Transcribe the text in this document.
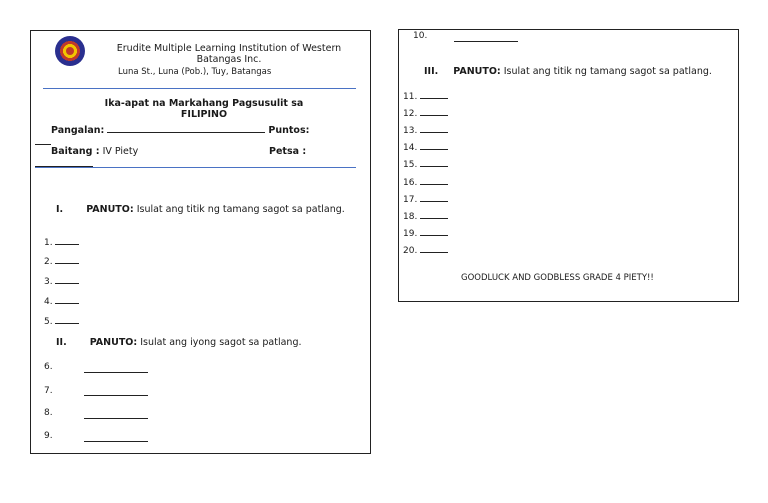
Erudite Multiple Learning Institution of Western
Batangas Inc.
Luna St., Luna (Pob.), Tuy, Batangas
Ika-apat na Markahang Pagsusulit sa
FILIPINO
Pangalan:	Puntos:
Baitang : IV Piety	Petsa :
I. PANUTO: Isulat ang titik ng tamang sagot sa patlang.
1.
2.
3.
4.
5.
II. PANUTO: Isulat ang iyong sagot sa patlang.
6.
7.
8.
9.
10.
III. PANUTO: Isulat ang titik ng tamang sagot sa patlang.
11.
12.
13.
14.
15.
16.
17.
18.
19.
20.
GOODLUCK AND GODBLESS GRADE 4 PIETY!!
